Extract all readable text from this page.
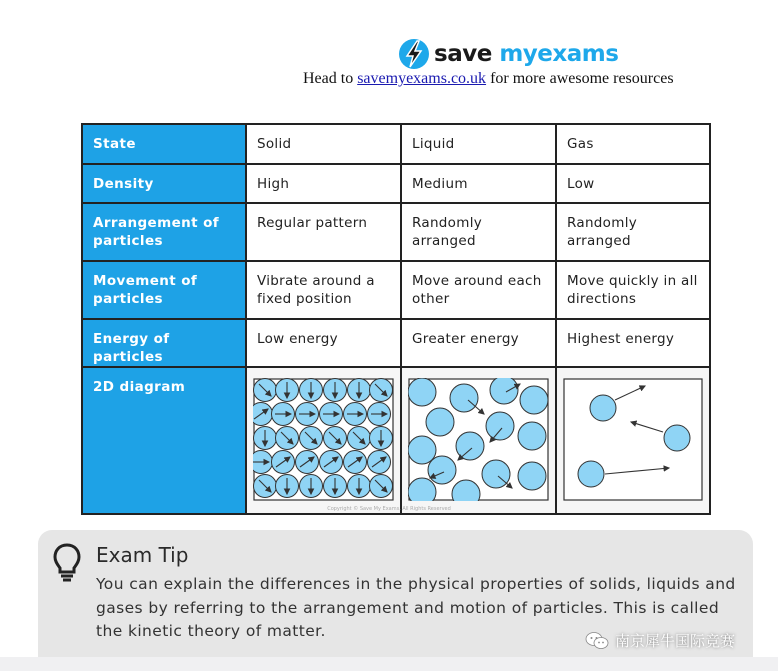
save myexams
Head to savemyexams.co.uk for more awesome resources
State	Solid	Liquid	Gas
Density	High	Medium	Low
Arrangement of particles	Regular pattern	Randomly arranged	Randomly arranged
Movement of particles	Vibrate around a fixed position	Move around each other	Move quickly in all directions
Energy of particles	Low energy	Greater energy	Highest energy
2D diagram			
Copyright © Save My Exams. All Rights Reserved
Exam Tip
You can explain the differences in the physical properties of solids, liquids and gases by referring to the arrangement and motion of particles. This is called the kinetic theory of matter.
南京犀牛国际竞赛
